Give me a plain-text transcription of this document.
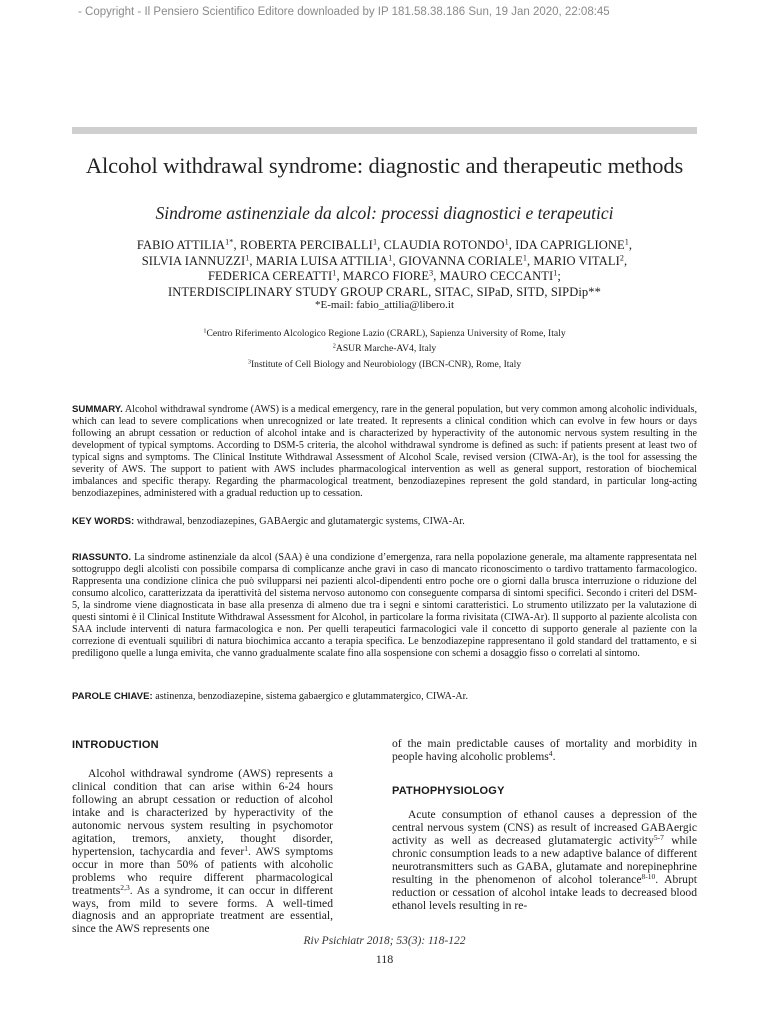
- Copyright - Il Pensiero Scientifico Editore downloaded by IP 181.58.38.186 Sun, 19 Jan 2020, 22:08:45
Alcohol withdrawal syndrome: diagnostic and therapeutic methods
Sindrome astinenziale da alcol: processi diagnostici e terapeutici
FABIO $ATTILIA^{1*}$, ROBERTA PERCIBALLI$^1$, CLAUDIA ROTONDO$^1$, IDA CAPRIGLIONE$^1$,
SILVIA IANNUZZI$^1$, MARIA LUISA ATTILIA$^1$, GIOVANNA CORIALE$^1$, MARIO VITALI$^2$,
FEDERICA CEREATTI$^1$, MARCO FIORE$^3$, MAURO CECCANTI$^1$;
INTERDISCIPLINARY STUDY GROUP CRARL, SITAC, SIPaD, SITD, SIPDip**
*E-mail: fabio_attilia@libero.it
$^1$Centro Riferimento Alcologico Regione Lazio (CRARL), Sapienza University of Rome, Italy
$^2$ASUR Marche-AV4, Italy
$^3$Institute of Cell Biology and Neurobiology (IBCN-CNR), Rome, Italy
SUMMARY. Alcohol withdrawal syndrome (AWS) is a medical emergency, rare in the general population, but very common among alcoholic individuals, which can lead to severe complications when unrecognized or late treated. It represents a clinical condition which can evolve in few hours or days following an abrupt cessation or reduction of alcohol intake and is characterized by hyperactivity of the autonomic nervous system resulting in the development of typical symptoms. According to DSM-5 criteria, the alcohol withdrawal syndrome is defined as such: if patients present at least two of typical signs and symptoms. The Clinical Institute Withdrawal Assessment of Alcohol Scale, revised version (CIWA-Ar), is the tool for assessing the severity of AWS. The support to patient with AWS includes pharmacological intervention as well as general support, restoration of biochemical imbalances and specific therapy. Regarding the pharmacological treatment, benzodiazepines represent the gold standard, in particular long-acting benzodiazepines, administered with a gradual reduction up to cessation.
KEY WORDS: withdrawal, benzodiazepines, GABAergic and glutamatergic systems, CIWA-Ar.
RIASSUNTO. La sindrome astinenziale da alcol (SAA) è una condizione d’emergenza, rara nella popolazione generale, ma altamente rappresentata nel sottogruppo degli alcolisti con possibile comparsa di complicanze anche gravi in caso di mancato riconoscimento o tardivo trattamento farmacologico. Rappresenta una condizione clinica che può svilupparsi nei pazienti alcol-dipendenti entro poche ore o giorni dalla brusca interruzione o riduzione del consumo alcolico, caratterizzata da iperattività del sistema nervoso autonomo con conseguente comparsa di sintomi specifici. Secondo i criteri del DSM-5, la sindrome viene diagnosticata in base alla presenza di almeno due tra i segni e sintomi caratteristici. Lo strumento utilizzato per la valutazione di questi sintomi è il Clinical Institute Withdrawal Assessment for Alcohol, in particolare la forma rivisitata (CIWA-Ar). Il supporto al paziente alcolista con SAA include interventi di natura farmacologica e non. Per quelli terapeutici farmacologici vale il concetto di supporto generale al paziente con la correzione di eventuali squilibri di natura biochimica accanto a terapia specifica. Le benzodiazepine rappresentano il gold standard del trattamento, e si prediligono quelle a lunga emivita, che vanno gradualmente scalate fino alla sospensione con schemi a dosaggio fisso o correlati al sintomo.
PAROLE CHIAVE: astinenza, benzodiazepine, sistema gabaergico e glutammatergico, CIWA-Ar.
INTRODUCTION

Alcohol withdrawal syndrome (AWS) represents a clinical condition that can arise within 6-24 hours following an abrupt cessation or reduction of alcohol intake and is characterized by hyperactivity of the autonomic nervous system resulting in psychomotor agitation, tremors, anxiety, thought disorder, hypertension, tachycardia and fever$^1$. AWS symptoms occur in more than 50% of patients with alcoholic problems who require different pharmacological treatments$^{2,3}$. As a syndrome, it can occur in different ways, from mild to severe forms. A well-timed diagnosis and an appropriate treatment are essential, since the AWS represents one

of the main predictable causes of mortality and morbidity in people having alcoholic problems$^4$.

PATHOPHYSIOLOGY

Acute consumption of ethanol causes a depression of the central nervous system (CNS) as result of increased GABAergic activity as well as decreased glutamatergic activity$^{5-7}$ while chronic consumption leads to a new adaptive balance of different neurotransmitters such as GABA, glutamate and norepinephrine resulting in the phenomenon of alcohol tolerance$^{8-10}$. Abrupt reduction or cessation of alcohol intake leads to decreased blood ethanol levels resulting in re-

Riv Psichiatr 2018; 53(3): 118-122
118
